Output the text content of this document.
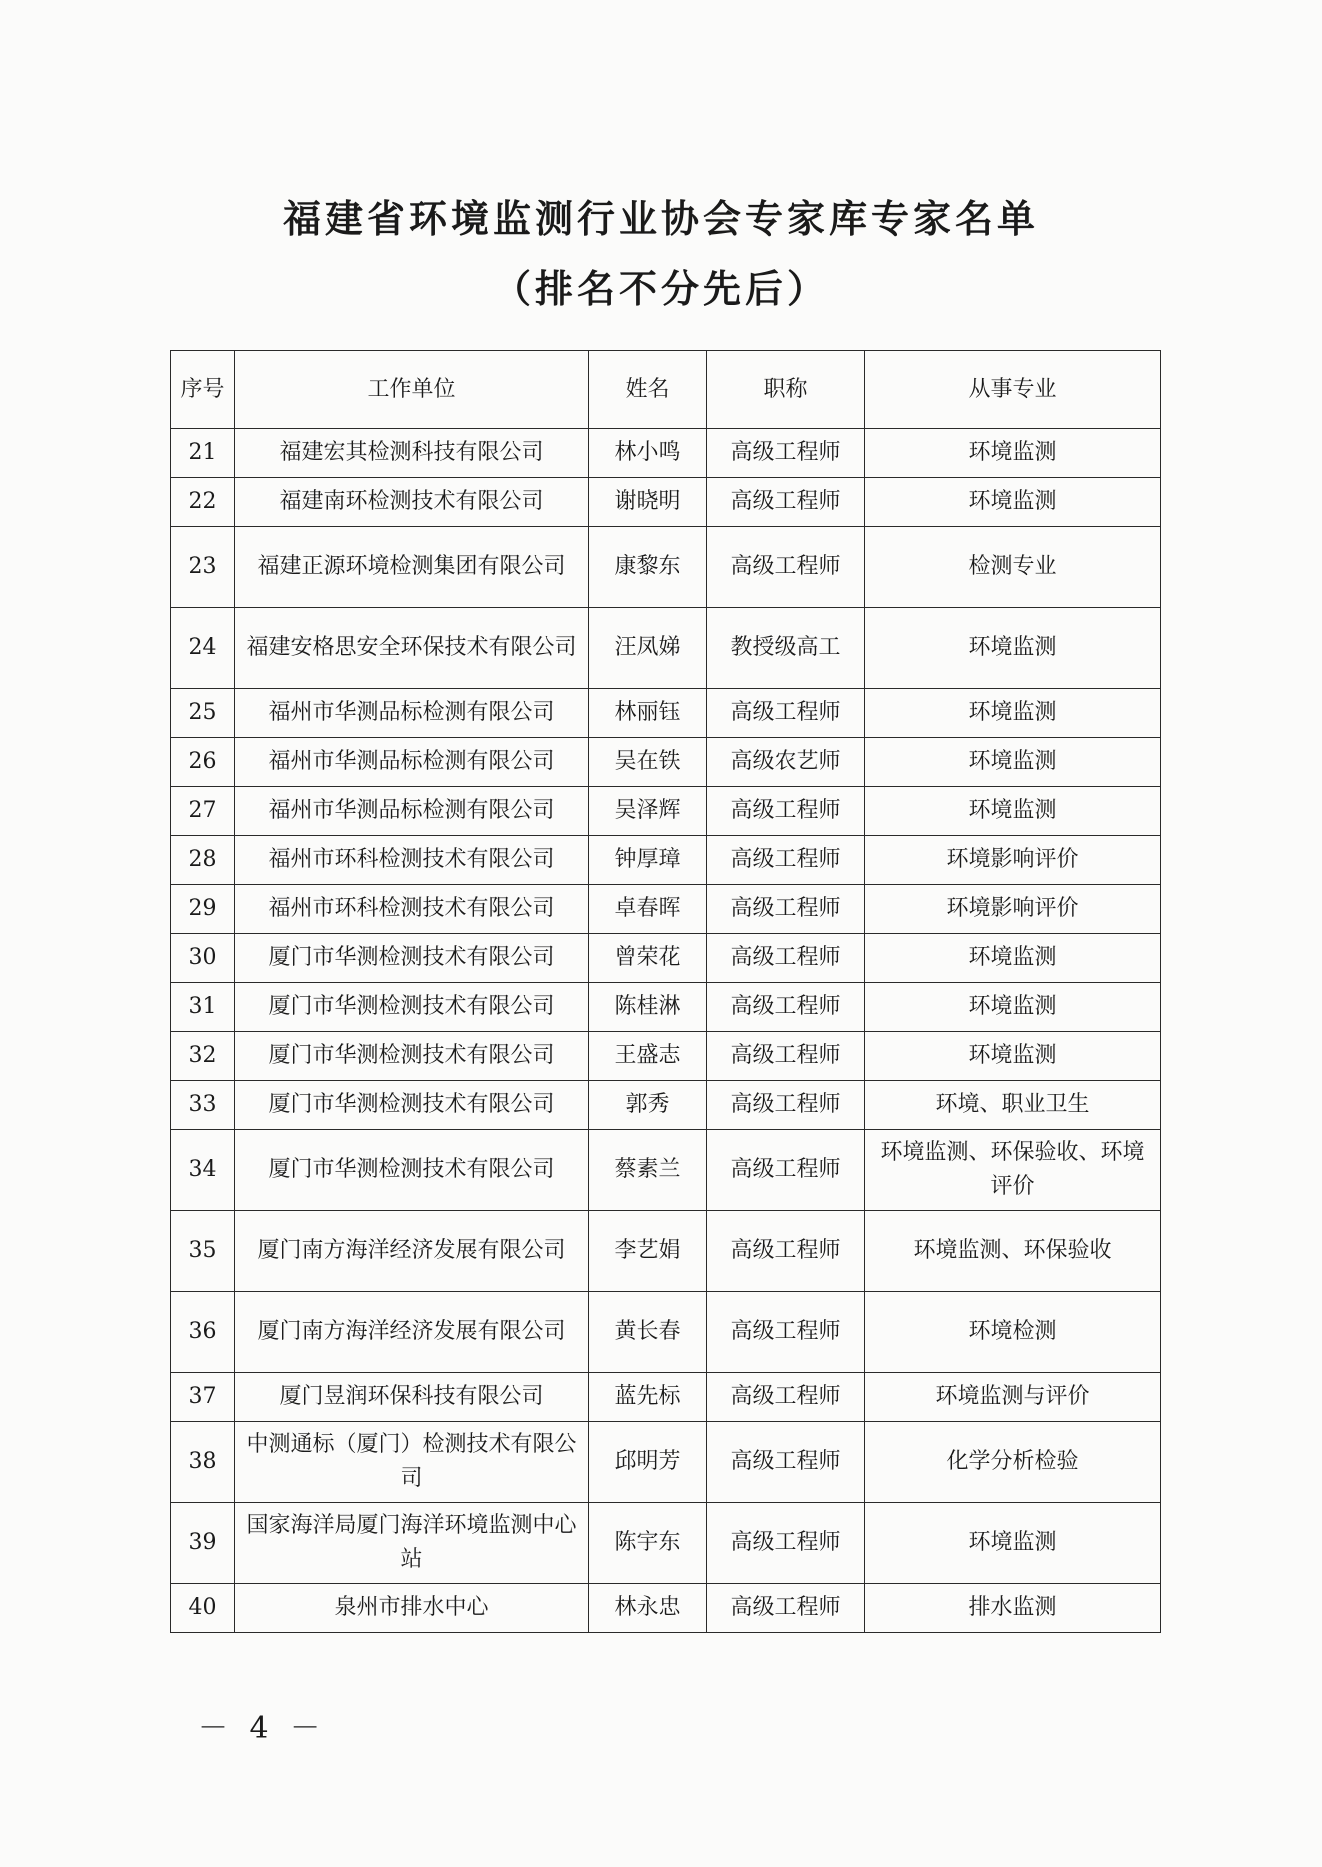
福建省环境监测行业协会专家库专家名单
（排名不分先后）
序号	工作单位	姓名	职称	从事专业
21	福建宏其检测科技有限公司	林小鸣	高级工程师	环境监测
22	福建南环检测技术有限公司	谢晓明	高级工程师	环境监测
23	福建正源环境检测集团有限公司	康黎东	高级工程师	检测专业
24	福建安格思安全环保技术有限公司	汪凤娣	教授级高工	环境监测
25	福州市华测品标检测有限公司	林丽钰	高级工程师	环境监测
26	福州市华测品标检测有限公司	吴在铁	高级农艺师	环境监测
27	福州市华测品标检测有限公司	吴泽辉	高级工程师	环境监测
28	福州市环科检测技术有限公司	钟厚璋	高级工程师	环境影响评价
29	福州市环科检测技术有限公司	卓春晖	高级工程师	环境影响评价
30	厦门市华测检测技术有限公司	曾荣花	高级工程师	环境监测
31	厦门市华测检测技术有限公司	陈桂淋	高级工程师	环境监测
32	厦门市华测检测技术有限公司	王盛志	高级工程师	环境监测
33	厦门市华测检测技术有限公司	郭秀	高级工程师	环境、职业卫生
34	厦门市华测检测技术有限公司	蔡素兰	高级工程师	环境监测、环保验收、环境评价
35	厦门南方海洋经济发展有限公司	李艺娟	高级工程师	环境监测、环保验收
36	厦门南方海洋经济发展有限公司	黄长春	高级工程师	环境检测
37	厦门昱润环保科技有限公司	蓝先标	高级工程师	环境监测与评价
38	中测通标（厦门）检测技术有限公司	邱明芳	高级工程师	化学分析检验
39	国家海洋局厦门海洋环境监测中心站	陈宇东	高级工程师	环境监测
40	泉州市排水中心	林永忠	高级工程师	排水监测
－ 4 －
